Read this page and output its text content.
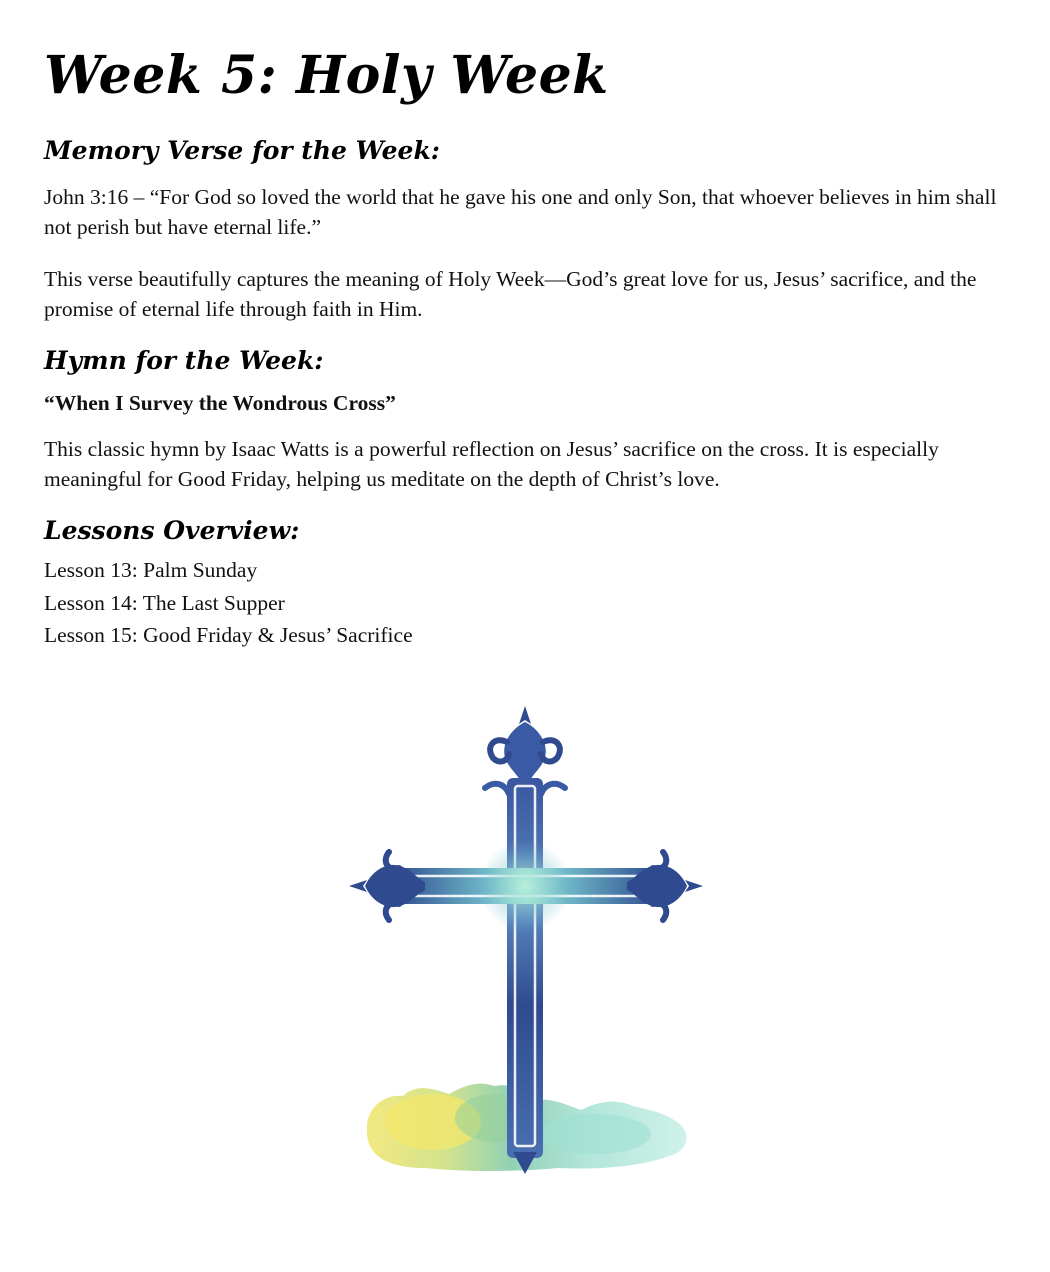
Week 5: Holy Week
Memory Verse for the Week:

John 3:16 – “For God so loved the world that he gave his one and only Son, that whoever believes in him shall not perish but have eternal life.”

This verse beautifully captures the meaning of Holy Week—God’s great love for us, Jesus’ sacrifice, and the promise of eternal life through faith in Him.

Hymn for the Week:

“When I Survey the Wondrous Cross”

This classic hymn by Isaac Watts is a powerful reflection on Jesus’ sacrifice on the cross. It is especially meaningful for Good Friday, helping us meditate on the depth of Christ’s love.

Lessons Overview:
Lesson 13: Palm Sunday
Lesson 14: The Last Supper
Lesson 15: Good Friday & Jesus’ Sacrifice
